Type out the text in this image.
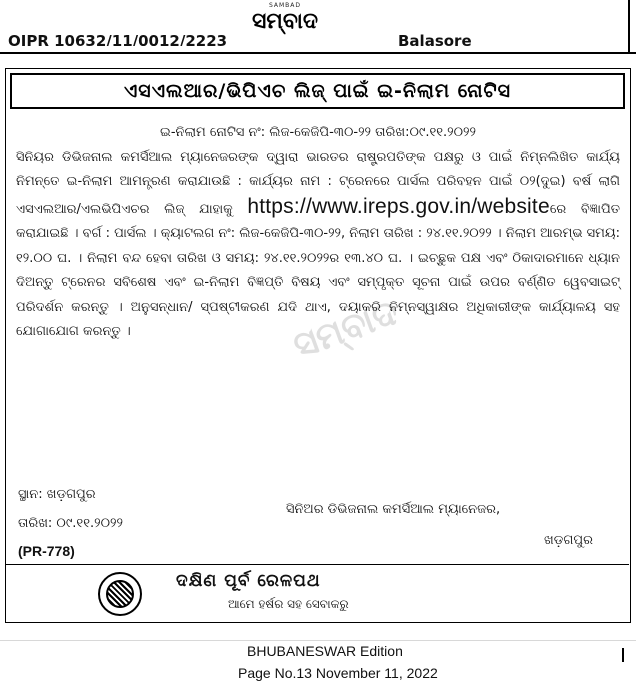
SAMBAD
ସମ୍ବାଦ
OIPR 10632/11/0012/2223	Balasore
ଏସଏଲଆର/ଭିପିଏଚ ଲିଜ୍ ପାଇଁ ଇ-ନିଲାମ ନୋଟିସ
ଇ-ନିଲାମ ନୋଟିସ ନଂ: ଲିଜ-କେଜିପି-୩୦-୨୨ ତାରିଖ:୦୯.୧୧.୨୦୨୨
ସିନିୟର ଡିଭିଜନାଲ କମର୍ସିଆଲ ମ୍ୟାନେଜରଙ୍କ ଦ୍ୱାରା ଭାରତର ରାଷ୍ଟ୍ରପତିଙ୍କ ପକ୍ଷରୁ ଓ ପାଇଁ ନିମ୍ନଲିଖିତ କାର୍ଯ୍ୟ ନିମନ୍ତେ ଇ-ନିଲାମ ଆମନ୍ତ୍ରଣ କରାଯାଉଛି : କାର୍ଯ୍ୟର ନାମ : ଟ୍ରେନରେ ପାର୍ସଲ ପରିବହନ ପାଇଁ ୦୨(ଦୁଇ) ବର୍ଷ ଲାଗି ଏସଏଲଆର/ଏଲଭିପିଏଚର ଲିଜ୍ ଯାହାକୁ https://www.ireps.gov.in/websiteରେ ବିଜ୍ଞାପିତ କରାଯାଇଛି । ବର୍ଗ : ପାର୍ସଲ । କ୍ୟାଟଲଗ ନଂ: ଲିଜ-କେଜିପି-୩୦-୨୨, ନିଲାମ ତାରିଖ : ୨୪.୧୧.୨୦୨୨ । ନିଲାମ ଆରମ୍ଭ ସମୟ: ୧୨.୦୦ ଘ. । ନିଲାମ ବନ୍ଦ ହେବା ତାରିଖ ଓ ସମୟ: ୨୪.୧୧.୨୦୨୨ର ୧୩.୪୦ ଘ. । ଇଚ୍ଛୁକ ପକ୍ଷ ଏବଂ ଠିକାଦାରମାନେ ଧ୍ୟାନ ଦିଅନ୍ତୁ ଟ୍ରେନର ସବିଶେଷ ଏବଂ ଇ-ନିଲାମ ବିଜ୍ଞପ୍ତି ବିଷୟ ଏବଂ ସମ୍ପୃକ୍ତ ସୂଚନା ପାଇଁ ଉପର ବର୍ଣ୍ଣିତ ୱେବସାଇଟ୍ ପରିଦର୍ଶନ କରନ୍ତୁ । ଅନୁସନ୍ଧାନ/ ସ୍ପଷ୍ଟୀକରଣ ଯଦି ଥାଏ, ଦୟାକରି ନିମ୍ନସ୍ୱାକ୍ଷର ଅଧିକାରୀଙ୍କ କାର୍ଯ୍ୟାଳୟ ସହ ଯୋଗାଯୋଗ କରନ୍ତୁ ।	ସମ୍ବାଦ
ସ୍ଥାନ: ଖଡ଼ଗପୁର
ତାରିଖ: ୦୯.୧୧.୨୦୨୨
ସିନିଅର ଡିଭିଜନାଲ କମର୍ସିଆଲ ମ୍ୟାନେଜର,
ଖଡ଼ଗପୁର
(PR-778)
ଦକ୍ଷିଣ ପୂର୍ବ ରେଳପଥ
ଆମେ ହର୍ଷର ସହ ସେବାକରୁ
BHUBANESWAR Edition
Page No.13 November 11, 2022
